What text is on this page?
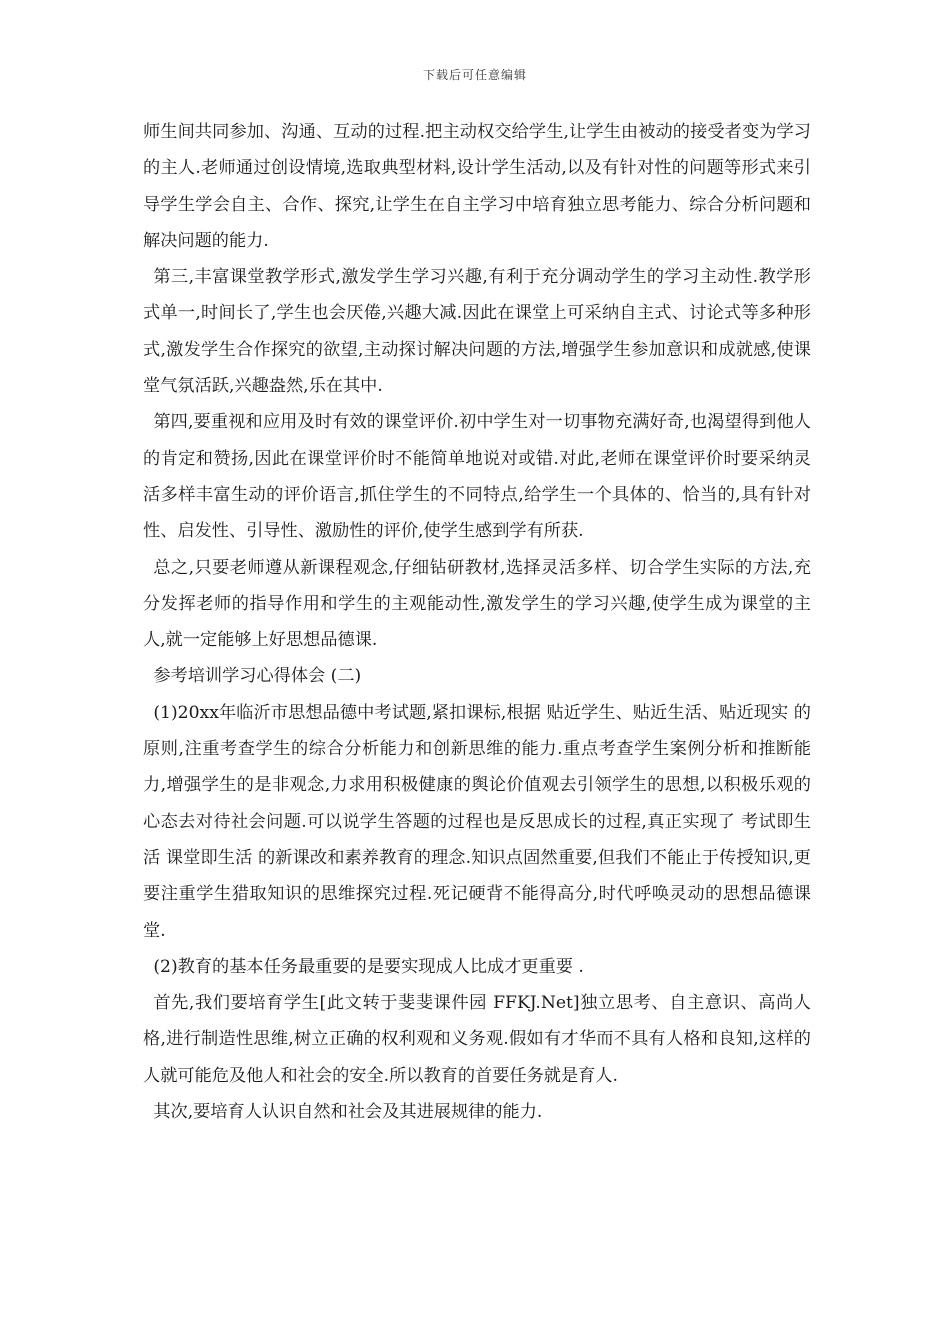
下载后可任意编辑

师生间共同参加、沟通、互动的过程.把主动权交给学生,让学生由被动的接受者变为学习的主人.老师通过创设情境,选取典型材料,设计学生活动,以及有针对性的问题等形式来引导学生学会自主、合作、探究,让学生在自主学习中培育独立思考能力、综合分析问题和解决问题的能力.

第三,丰富课堂教学形式,激发学生学习兴趣,有利于充分调动学生的学习主动性.教学形式单一,时间长了,学生也会厌倦,兴趣大减.因此在课堂上可采纳自主式、讨论式等多种形式,激发学生合作探究的欲望,主动探讨解决问题的方法,增强学生参加意识和成就感,使课堂气氛活跃,兴趣盎然,乐在其中.

第四,要重视和应用及时有效的课堂评价.初中学生对一切事物充满好奇,也渴望得到他人的肯定和赞扬,因此在课堂评价时不能简单地说对或错.对此,老师在课堂评价时要采纳灵活多样丰富生动的评价语言,抓住学生的不同特点,给学生一个具体的、恰当的,具有针对性、启发性、引导性、激励性的评价,使学生感到学有所获.

总之,只要老师遵从新课程观念,仔细钻研教材,选择灵活多样、切合学生实际的方法,充分发挥老师的指导作用和学生的主观能动性,激发学生的学习兴趣,使学生成为课堂的主人,就一定能够上好思想品德课.

参考培训学习心得体会 (二)

(1)20xx年临沂市思想品德中考试题,紧扣课标,根据 贴近学生、贴近生活、贴近现实 的原则,注重考查学生的综合分析能力和创新思维的能力.重点考查学生案例分析和推断能力,增强学生的是非观念,力求用积极健康的舆论价值观去引领学生的思想,以积极乐观的心态去对待社会问题.可以说学生答题的过程也是反思成长的过程,真正实现了 考试即生活 课堂即生活 的新课改和素养教育的理念.知识点固然重要,但我们不能止于传授知识,更要注重学生猎取知识的思维探究过程.死记硬背不能得高分,时代呼唤灵动的思想品德课堂.

(2)教育的基本任务最重要的是要实现成人比成才更重要 .

首先,我们要培育学生[此文转于斐斐课件园 FFKJ.Net]独立思考、自主意识、高尚人格,进行制造性思维,树立正确的权利观和义务观.假如有才华而不具有人格和良知,这样的人就可能危及他人和社会的安全.所以教育的首要任务就是育人.

其次,要培育人认识自然和社会及其进展规律的能力.
